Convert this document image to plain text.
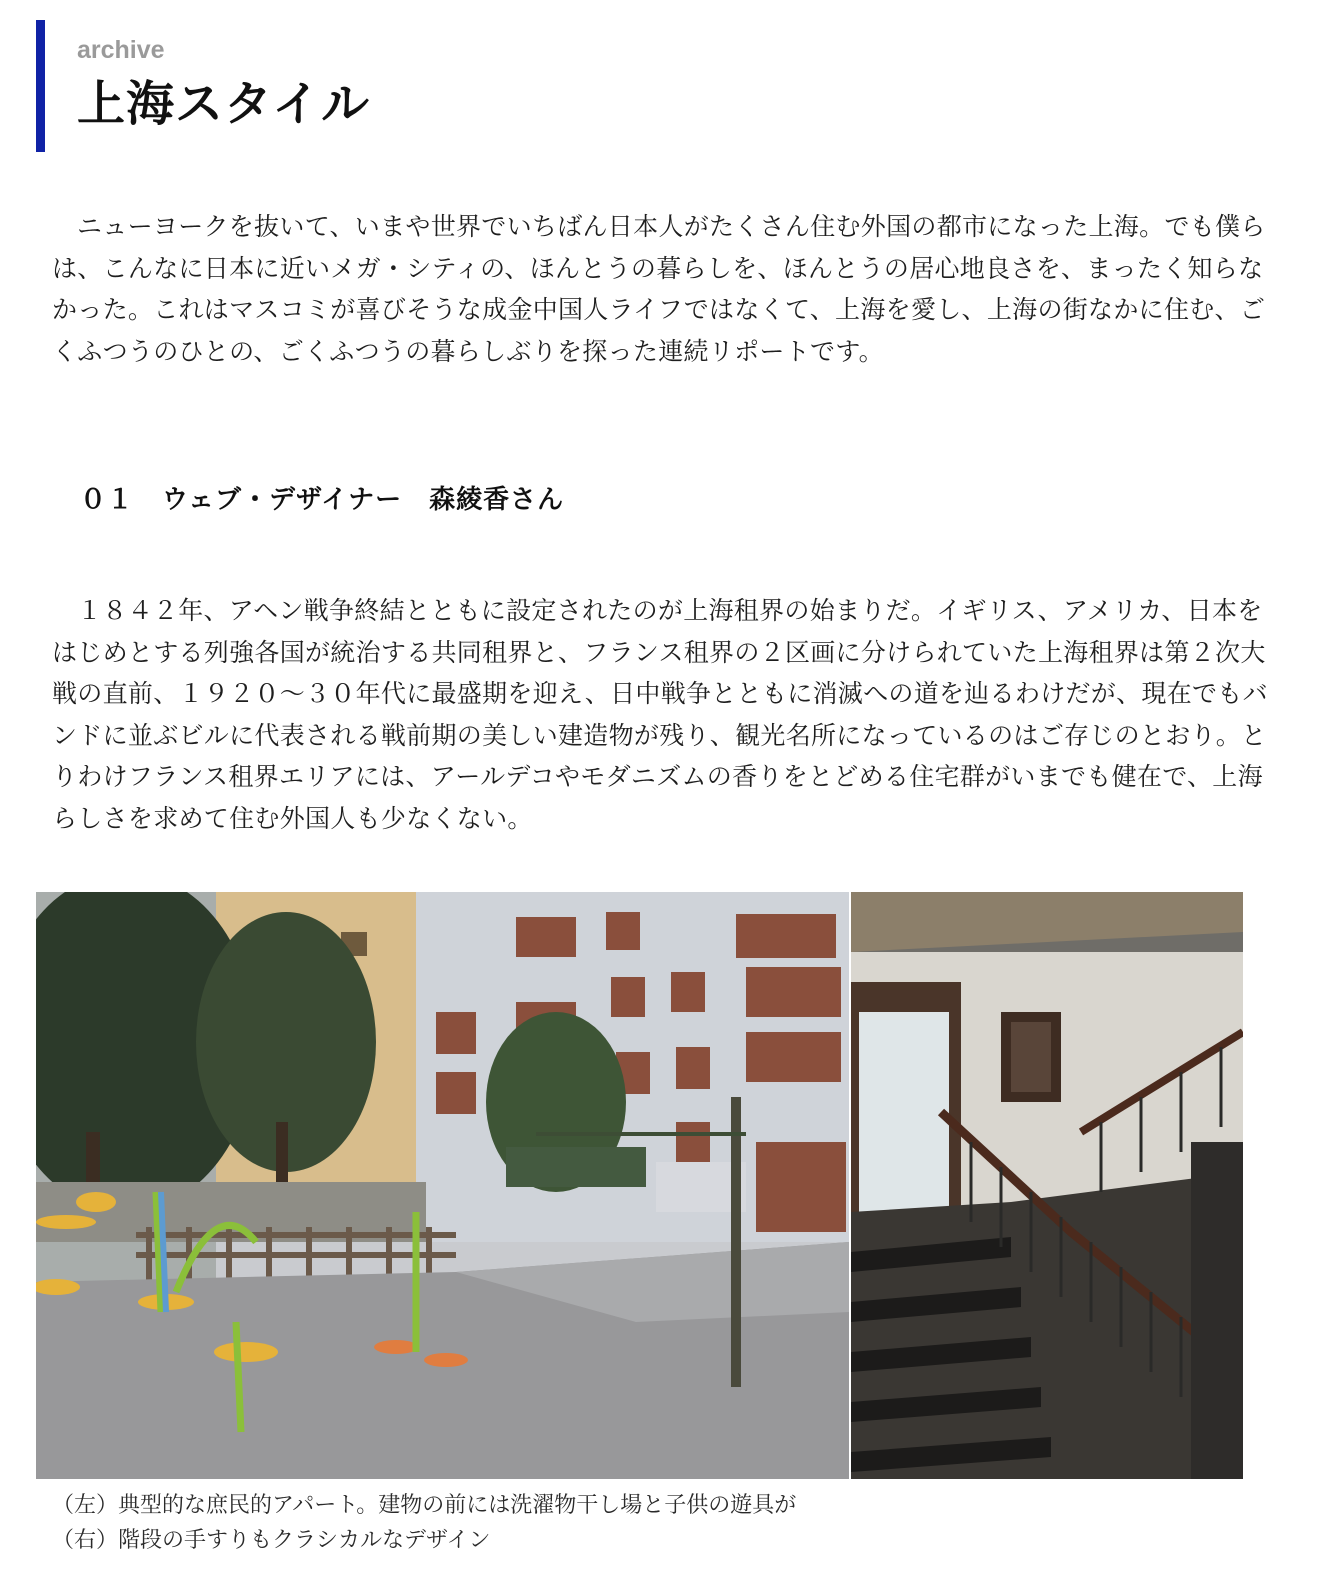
archive
上海スタイル

ニューヨークを抜いて、いまや世界でいちばん日本人がたくさん住む外国の都市になった上海。でも僕らは、こんなに日本に近いメガ・シティの、ほんとうの暮らしを、ほんとうの居心地良さを、まったく知らなかった。これはマスコミが喜びそうな成金中国人ライフではなくて、上海を愛し、上海の街なかに住む、ごくふつうのひとの、ごくふつうの暮らしぶりを探った連続リポートです。

０１ ウェブ・デザイナー　森綾香さん

１８４２年、アヘン戦争終結とともに設定されたのが上海租界の始まりだ。イギリス、アメリカ、日本をはじめとする列強各国が統治する共同租界と、フランス租界の２区画に分けられていた上海租界は第２次大戦の直前、１９２０〜３０年代に最盛期を迎え、日中戦争とともに消滅への道を辿るわけだが、現在でもバンドに並ぶビルに代表される戦前期の美しい建造物が残り、観光名所になっているのはご存じのとおり。とりわけフランス租界エリアには、アールデコやモダニズムの香りをとどめる住宅群がいまでも健在で、上海らしさを求めて住む外国人も少なくない。

（左）典型的な庶民的アパート。建物の前には洗濯物干し場と子供の遊具が
（右）階段の手すりもクラシカルなデザイン
